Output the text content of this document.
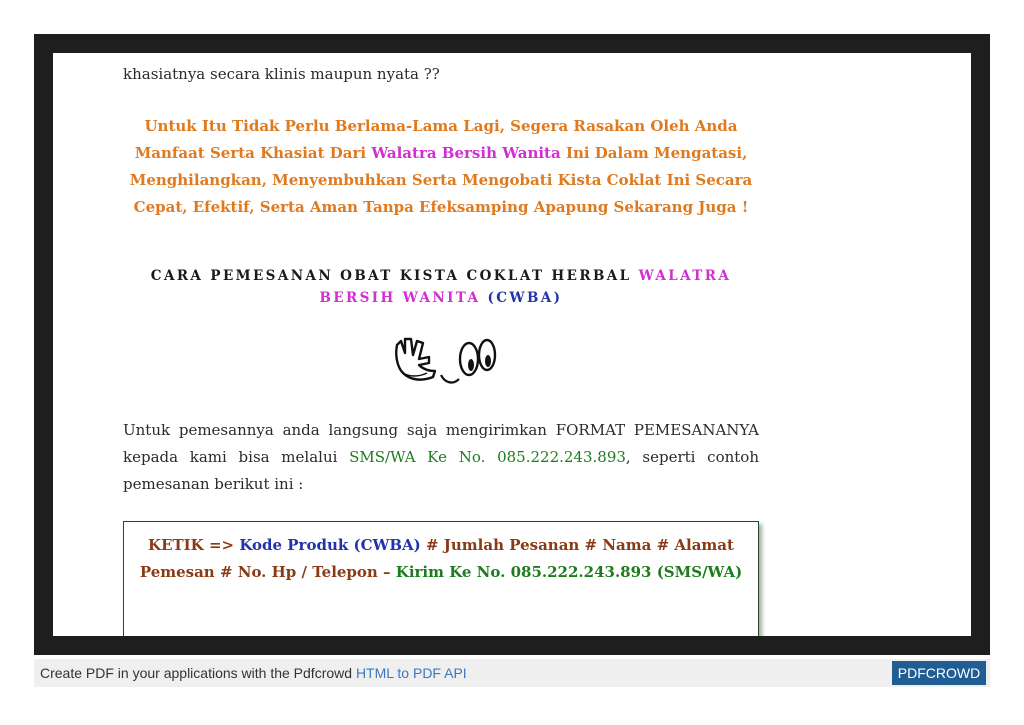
khasiatnya secara klinis maupun nyata ??

Untuk Itu Tidak Perlu Berlama-Lama Lagi, Segera Rasakan Oleh Anda Manfaat Serta Khasiat Dari Walatra Bersih Wanita Ini Dalam Mengatasi, Menghilangkan, Menyembuhkan Serta Mengobati Kista Coklat Ini Secara Cepat, Efektif, Serta Aman Tanpa Efeksamping Apapung Sekarang Juga !
CARA PEMESANAN OBAT KISTA COKLAT HERBAL WALATRA BERSIH WANITA (CWBA)

Untuk pemesannya anda langsung saja mengirimkan FORMAT PEMESANANYA kepada kami bisa melalui SMS/WA Ke No. 085.222.243.893, seperti contoh pemesanan berikut ini :

KETIK => Kode Produk (CWBA) # Jumlah Pesanan # Nama # Alamat Pemesan # No. Hp / Telepon – Kirim Ke No. 085.222.243.893 (SMS/WA)
Create PDF in your applications with the Pdfcrowd HTML to PDF API	PDFCROWD
